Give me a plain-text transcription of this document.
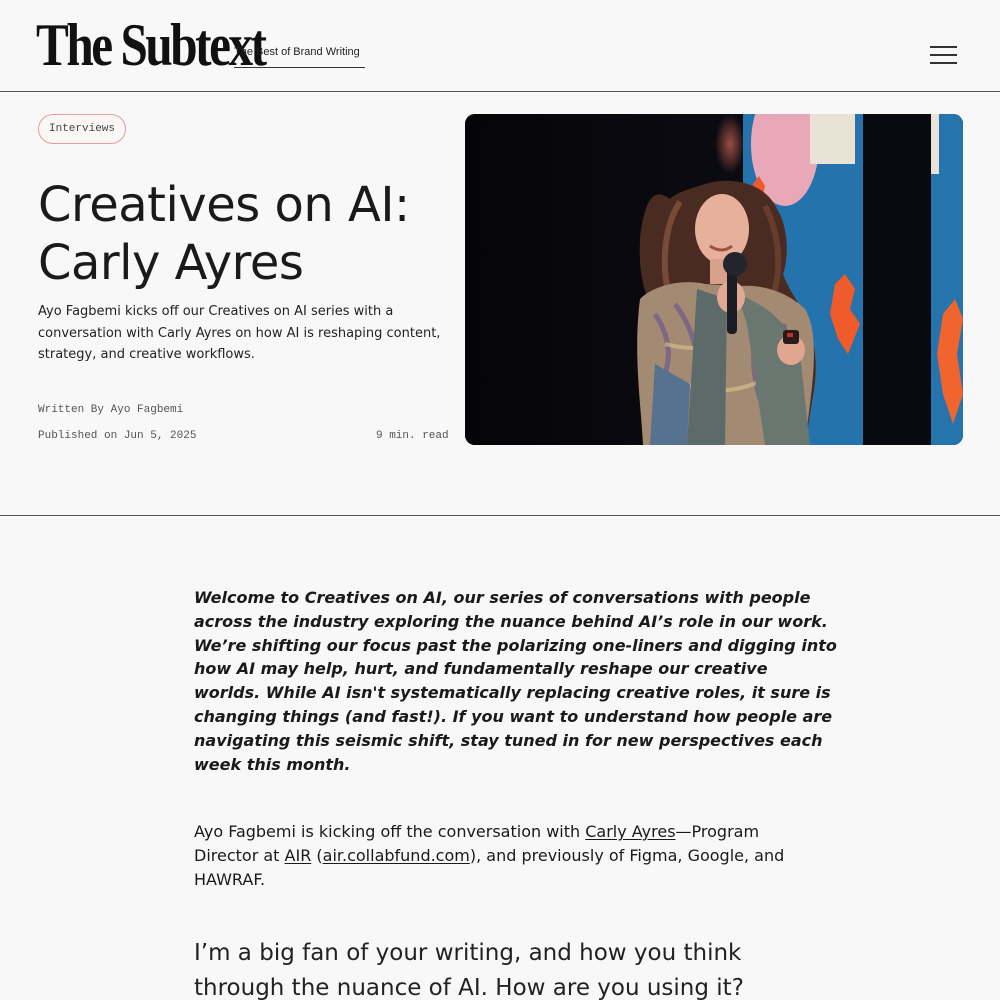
The Subtext
The Best of Brand Writing
Interviews
Creatives on AI:
Carly Ayres

Ayo Fagbemi kicks off our Creatives on AI series with a conversation with Carly Ayres on how AI is reshaping content, strategy, and creative workflows.

Written By Ayo Fagbemi
Published on Jun 5, 2025	9 min. read
Welcome to Creatives on AI, our series of conversations with people
across the industry exploring the nuance behind AI’s role in our work.
We’re shifting our focus past the polarizing one-liners and digging into
how AI may help, hurt, and fundamentally reshape our creative
worlds. While AI isn't systematically replacing creative roles, it sure is
changing things (and fast!). If you want to understand how people are
navigating this seismic shift, stay tuned in for new perspectives each
week this month.
Ayo Fagbemi is kicking off the conversation with Carly Ayres—Program
Director at AIR (air.collabfund.com), and previously of Figma, Google, and
HAWRAF.
I’m a big fan of your writing, and how you think
through the nuance of AI. How are you using it?
